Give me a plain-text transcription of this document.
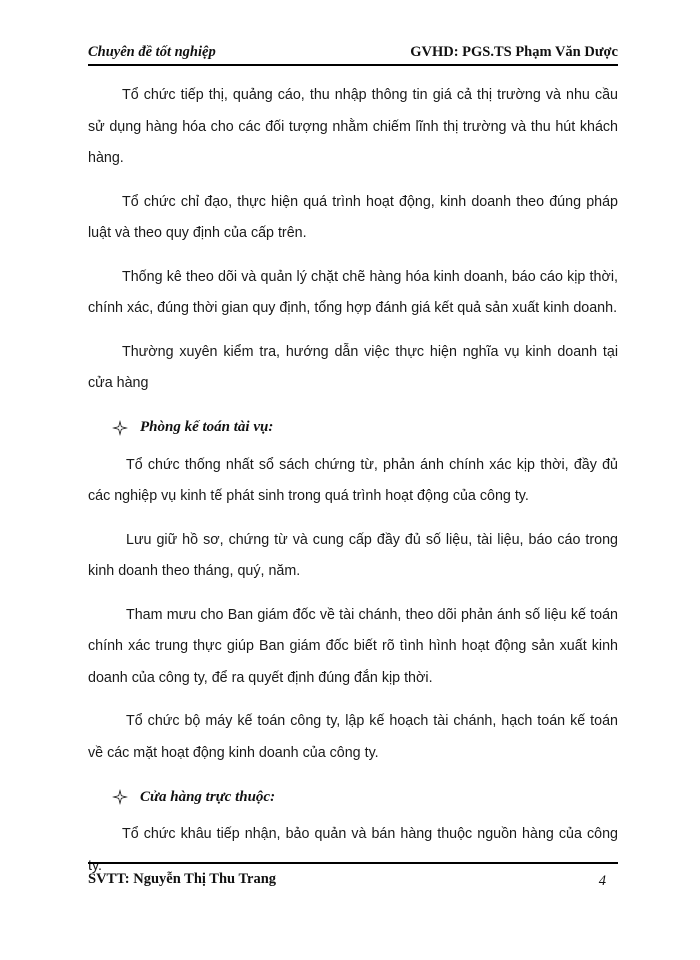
Chuyên đề tốt nghiệp	GVHD: PGS.TS Phạm Văn Dược

Tổ chức tiếp thị, quảng cáo, thu nhập thông tin giá cả thị trường và nhu cầu sử dụng hàng hóa cho các đối tượng nhằm chiếm lĩnh thị trường và thu hút khách hàng.

Tổ chức chỉ đạo, thực hiện quá trình hoạt động, kinh doanh theo đúng pháp luật và theo quy định của cấp trên.

Thống kê theo dõi và quản lý chặt chẽ hàng hóa kinh doanh, báo cáo kịp thời, chính xác, đúng thời gian quy định, tổng hợp đánh giá kết quả sản xuất kinh doanh.

Thường xuyên kiểm tra, hướng dẫn việc thực hiện nghĩa vụ kinh doanh tại cửa hàng

Phòng kế toán tài vụ:

Tổ chức thống nhất sổ sách chứng từ, phản ánh chính xác kịp thời, đầy đủ các nghiệp vụ kinh tế phát sinh trong quá trình hoạt động của công ty.

Lưu giữ hồ sơ, chứng từ và cung cấp đầy đủ số liệu, tài liệu, báo cáo trong kinh doanh theo tháng, quý, năm.

Tham mưu cho Ban giám đốc về tài chánh, theo dõi phản ánh số liệu kế toán chính xác trung thực giúp Ban giám đốc biết rõ tình hình hoạt động sản xuất kinh doanh của công ty, để ra quyết định đúng đắn kịp thời.

Tổ chức bộ máy kế toán công ty, lập kế hoạch tài chánh, hạch toán kế toán về các mặt hoạt động kinh doanh của công ty.

Cửa hàng trực thuộc:

Tổ chức khâu tiếp nhận, bảo quản và bán hàng thuộc nguồn hàng của công ty.

SVTT: Nguyễn Thị Thu Trang	4
